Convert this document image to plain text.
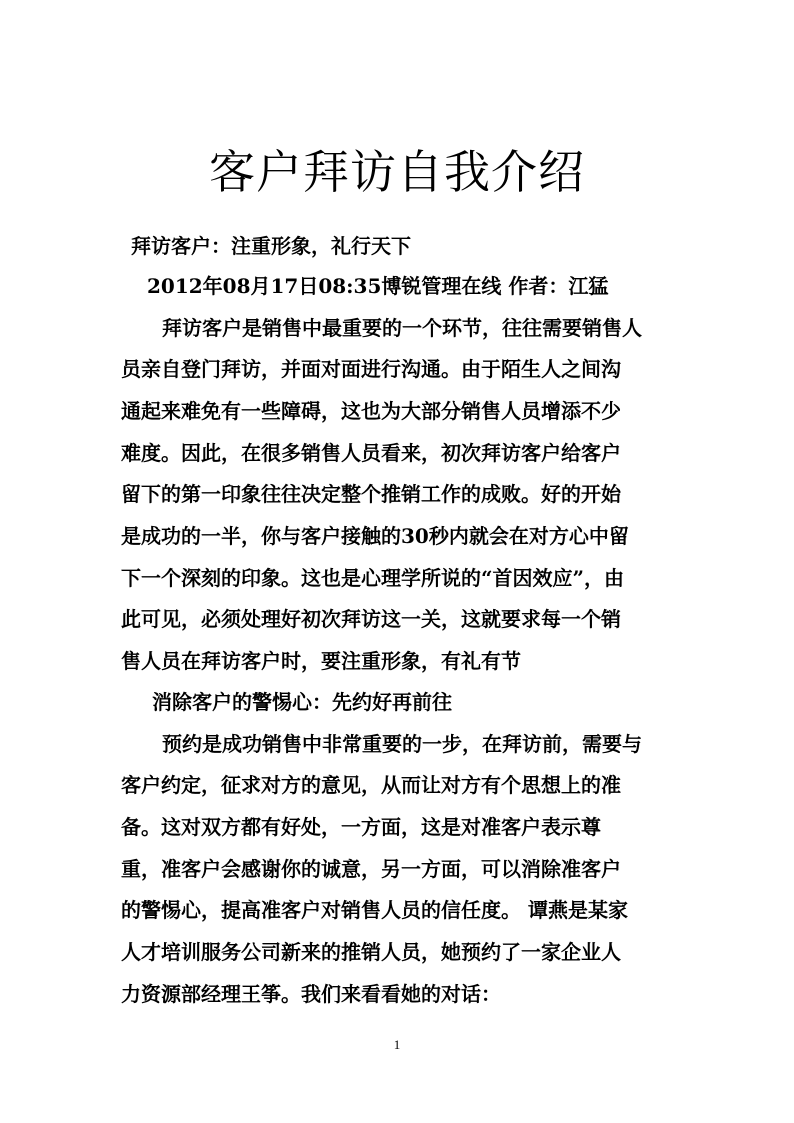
客户拜访自我介绍

拜访客户：注重形象，礼行天下

2012年08月17日08:35博锐管理在线 作者：江猛

拜访客户是销售中最重要的一个环节，往往需要销售人

员亲自登门拜访，并面对面进行沟通。由于陌生人之间沟

通起来难免有一些障碍，这也为大部分销售人员增添不少

难度。因此，在很多销售人员看来，初次拜访客户给客户

留下的第一印象往往决定整个推销工作的成败。好的开始

是成功的一半，你与客户接触的30秒内就会在对方心中留

下一个深刻的印象。这也是心理学所说的“首因效应”，由

此可见，必须处理好初次拜访这一关，这就要求每一个销

售人员在拜访客户时，要注重形象，有礼有节

消除客户的警惕心：先约好再前往

预约是成功销售中非常重要的一步，在拜访前，需要与

客户约定，征求对方的意见，从而让对方有个思想上的准

备。这对双方都有好处，一方面，这是对准客户表示尊

重，准客户会感谢你的诚意，另一方面，可以消除准客户

的警惕心，提高准客户对销售人员的信任度。 谭燕是某家

人才培训服务公司新来的推销人员，她预约了一家企业人

力资源部经理王筝。我们来看看她的对话：

1
